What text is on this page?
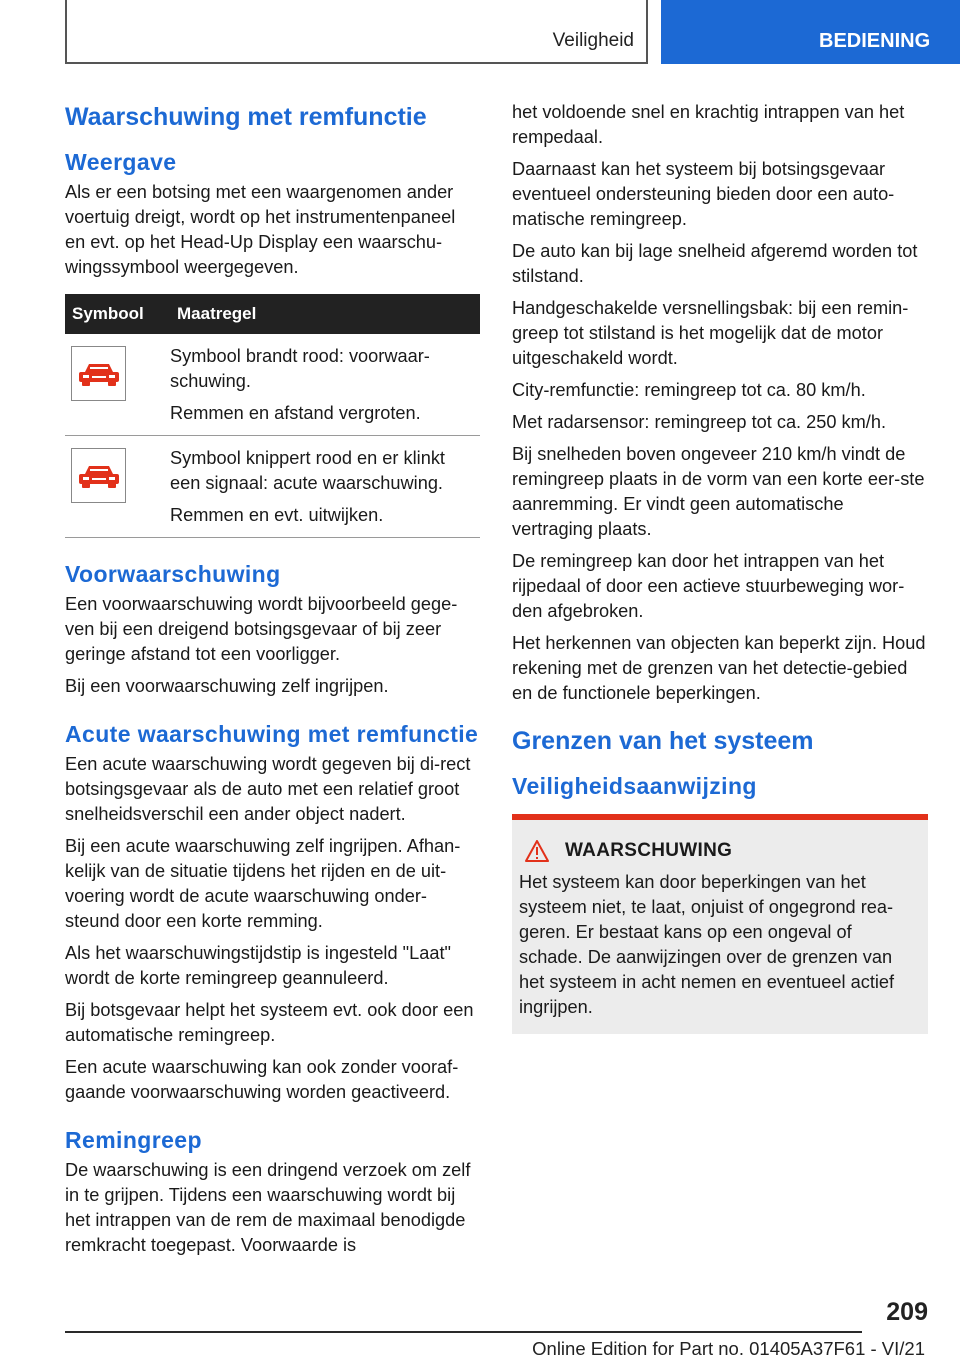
Veiligheid	BEDIENING
Waarschuwing met remfunctie
Weergave

Als er een botsing met een waargenomen ander voertuig dreigt, wordt op het instrumentenpaneel en evt. op het Head-Up Display een waarschu-wingssymbool weergegeven.

Symbool	Maatregel

Symbool brandt rood: voorwaar-schuwing.

Remmen en afstand vergroten.

Symbool knippert rood en er klinkt een signaal: acute waarschuwing.

Remmen en evt. uitwijken.

Voorwaarschuwing

Een voorwaarschuwing wordt bijvoorbeeld gege-ven bij een dreigend botsingsgevaar of bij zeer geringe afstand tot een voorligger.

Bij een voorwaarschuwing zelf ingrijpen.

Acute waarschuwing met remfunctie

Een acute waarschuwing wordt gegeven bij di-rect botsingsgevaar als de auto met een relatief groot snelheidsverschil een ander object nadert.

Bij een acute waarschuwing zelf ingrijpen. Afhan-kelijk van de situatie tijdens het rijden en de uit-voering wordt de acute waarschuwing onder-steund door een korte remming.

Als het waarschuwingstijdstip is ingesteld "Laat" wordt de korte remingreep geannuleerd.

Bij botsgevaar helpt het systeem evt. ook door een automatische remingreep.

Een acute waarschuwing kan ook zonder vooraf-gaande voorwaarschuwing worden geactiveerd.

Remingreep

De waarschuwing is een dringend verzoek om zelf in te grijpen. Tijdens een waarschuwing wordt bij het intrappen van de rem de maximaal benodigde remkracht toegepast. Voorwaarde is

het voldoende snel en krachtig intrappen van het rempedaal.

Daarnaast kan het systeem bij botsingsgevaar eventueel ondersteuning bieden door een auto-matische remingreep.

De auto kan bij lage snelheid afgeremd worden tot stilstand.

Handgeschakelde versnellingsbak: bij een remin-greep tot stilstand is het mogelijk dat de motor uitgeschakeld wordt.

City-remfunctie: remingreep tot ca. 80 km/h.

Met radarsensor: remingreep tot ca. 250 km/h.

Bij snelheden boven ongeveer 210 km/h vindt de remingreep plaats in de vorm van een korte eer-ste aanremming. Er vindt geen automatische vertraging plaats.

De remingreep kan door het intrappen van het rijpedaal of door een actieve stuurbeweging wor-den afgebroken.

Het herkennen van objecten kan beperkt zijn. Houd rekening met de grenzen van het detectie-gebied en de functionele beperkingen.

Grenzen van het systeem
Veiligheidsaanwijzing
WAARSCHUWING

Het systeem kan door beperkingen van het systeem niet, te laat, onjuist of ongegrond rea-geren. Er bestaat kans op een ongeval of schade. De aanwijzingen over de grenzen van het systeem in acht nemen en eventueel actief ingrijpen.

209
Online Edition for Part no. 01405A37F61 - VI/21
